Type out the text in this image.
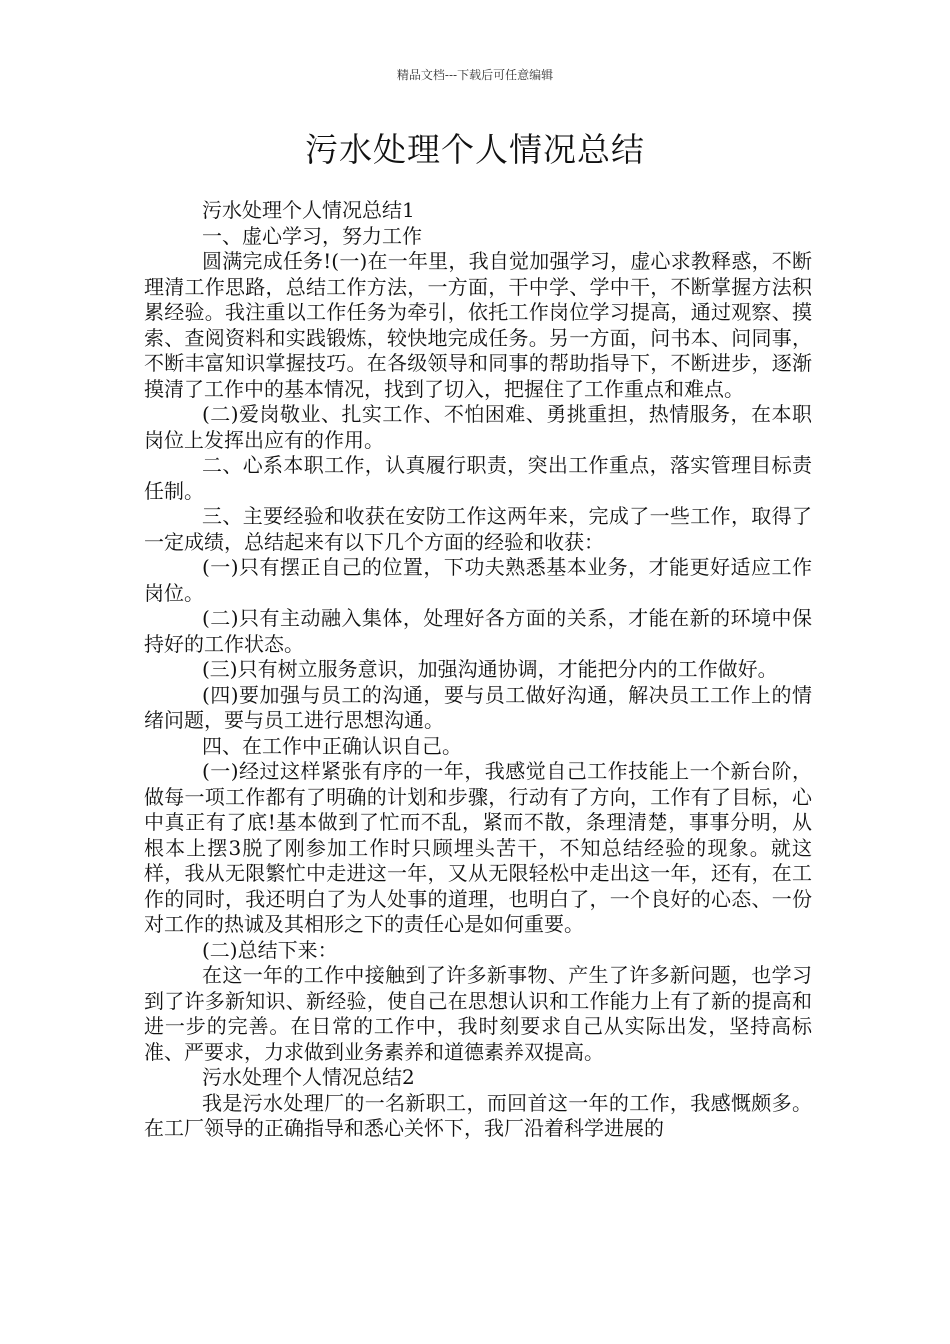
精品文档---下载后可任意编辑
污水处理个人情况总结

污水处理个人情况总结1

一、虚心学习，努力工作

圆满完成任务!(一)在一年里，我自觉加强学习，虚心求教释惑，不断理清工作思路，总结工作方法，一方面，干中学、学中干，不断掌握方法积累经验。我注重以工作任务为牵引，依托工作岗位学习提高，通过观察、摸索、查阅资料和实践锻炼，较快地完成任务。另一方面，问书本、问同事，不断丰富知识掌握技巧。在各级领导和同事的帮助指导下，不断进步，逐渐摸清了工作中的基本情况，找到了切入，把握住了工作重点和难点。

(二)爱岗敬业、扎实工作、不怕困难、勇挑重担，热情服务，在本职岗位上发挥出应有的作用。

二、心系本职工作，认真履行职责，突出工作重点，落实管理目标责任制。

三、主要经验和收获在安防工作这两年来，完成了一些工作，取得了一定成绩，总结起来有以下几个方面的经验和收获：

(一)只有摆正自己的位置，下功夫熟悉基本业务，才能更好适应工作岗位。

(二)只有主动融入集体，处理好各方面的关系，才能在新的环境中保持好的工作状态。

(三)只有树立服务意识，加强沟通协调，才能把分内的工作做好。

(四)要加强与员工的沟通，要与员工做好沟通，解决员工工作上的情绪问题，要与员工进行思想沟通。

四、在工作中正确认识自己。

(一)经过这样紧张有序的一年，我感觉自己工作技能上一个新台阶，做每一项工作都有了明确的计划和步骤，行动有了方向，工作有了目标，心中真正有了底!基本做到了忙而不乱，紧而不散，条理清楚，事事分明，从根本上摆3脱了刚参加工作时只顾埋头苦干，不知总结经验的现象。就这样，我从无限繁忙中走进这一年，又从无限轻松中走出这一年，还有，在工作的同时，我还明白了为人处事的道理，也明白了，一个良好的心态、一份对工作的热诚及其相形之下的责任心是如何重要。

(二)总结下来：

在这一年的工作中接触到了许多新事物、产生了许多新问题，也学习到了许多新知识、新经验，使自己在思想认识和工作能力上有了新的提高和进一步的完善。在日常的工作中，我时刻要求自己从实际出发，坚持高标准、严要求，力求做到业务素养和道德素养双提高。

污水处理个人情况总结2

我是污水处理厂的一名新职工，而回首这一年的工作，我感慨颇多。在工厂领导的正确指导和悉心关怀下，我厂沿着科学进展的
